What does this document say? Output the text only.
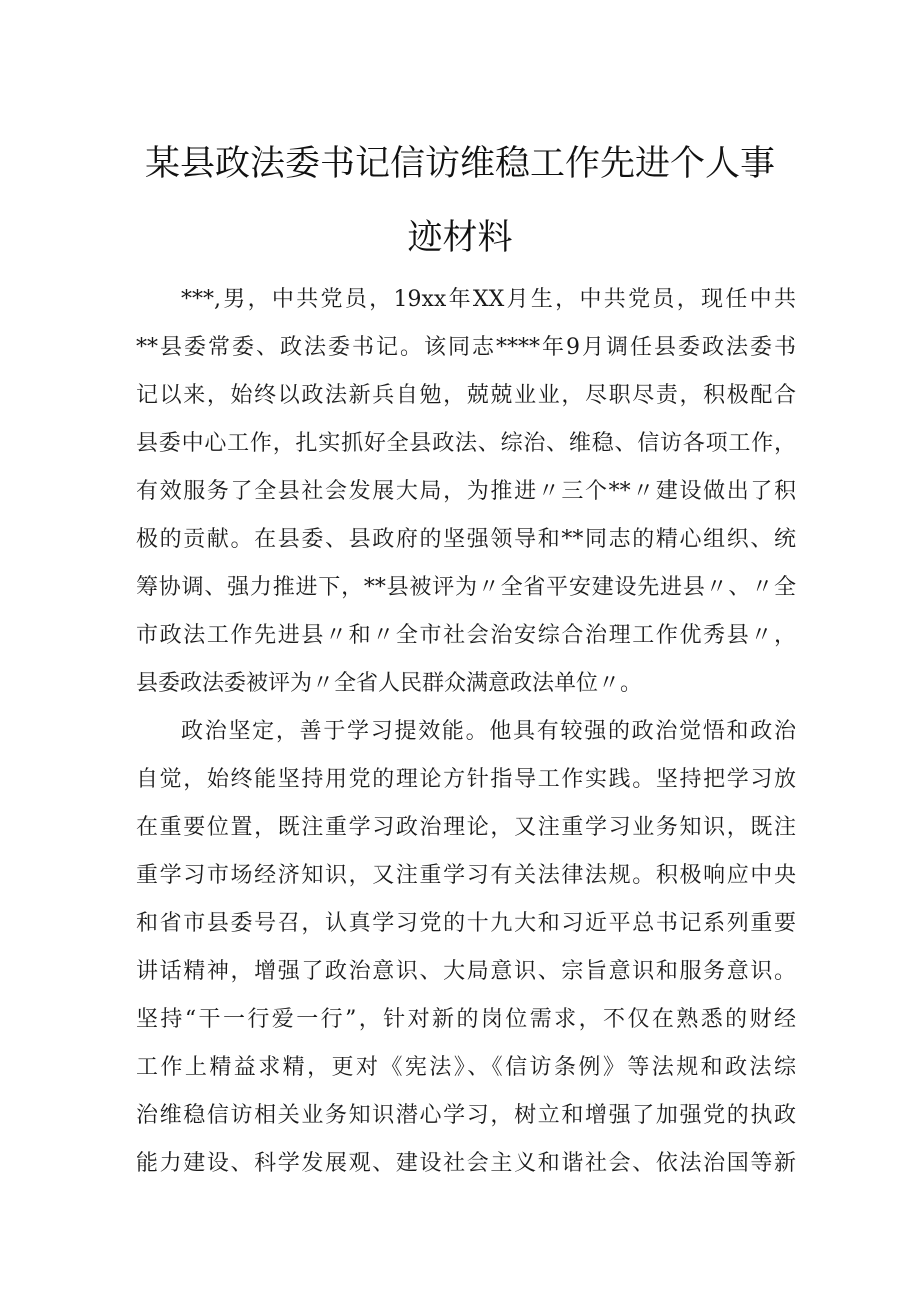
某县政法委书记信访维稳工作先进个人事
迹材料
***,男，中共党员，19xx年XX月生，中共党员，现任中共
**县委常委、政法委书记。该同志****年9月调任县委政法委书
记以来，始终以政法新兵自勉，兢兢业业，尽职尽责，积极配合
县委中心工作，扎实抓好全县政法、综治、维稳、信访各项工作，
有效服务了全县社会发展大局，为推进〃三个**〃建设做出了积
极的贡献。在县委、县政府的坚强领导和**同志的精心组织、统
筹协调、强力推进下，**县被评为〃全省平安建设先进县〃、〃全
市政法工作先进县〃和〃全市社会治安综合治理工作优秀县〃，
县委政法委被评为〃全省人民群众满意政法单位〃。
政治坚定，善于学习提效能。他具有较强的政治觉悟和政治
自觉，始终能坚持用党的理论方针指导工作实践。坚持把学习放
在重要位置，既注重学习政治理论，又注重学习业务知识，既注
重学习市场经济知识，又注重学习有关法律法规。积极响应中央
和省市县委号召，认真学习党的十九大和习近平总书记系列重要
讲话精神，增强了政治意识、大局意识、宗旨意识和服务意识。
坚持“干一行爱一行”，针对新的岗位需求，不仅在熟悉的财经
工作上精益求精，更对《宪法》、《信访条例》等法规和政法综
治维稳信访相关业务知识潜心学习，树立和增强了加强党的执政
能力建设、科学发展观、建设社会主义和谐社会、依法治国等新
